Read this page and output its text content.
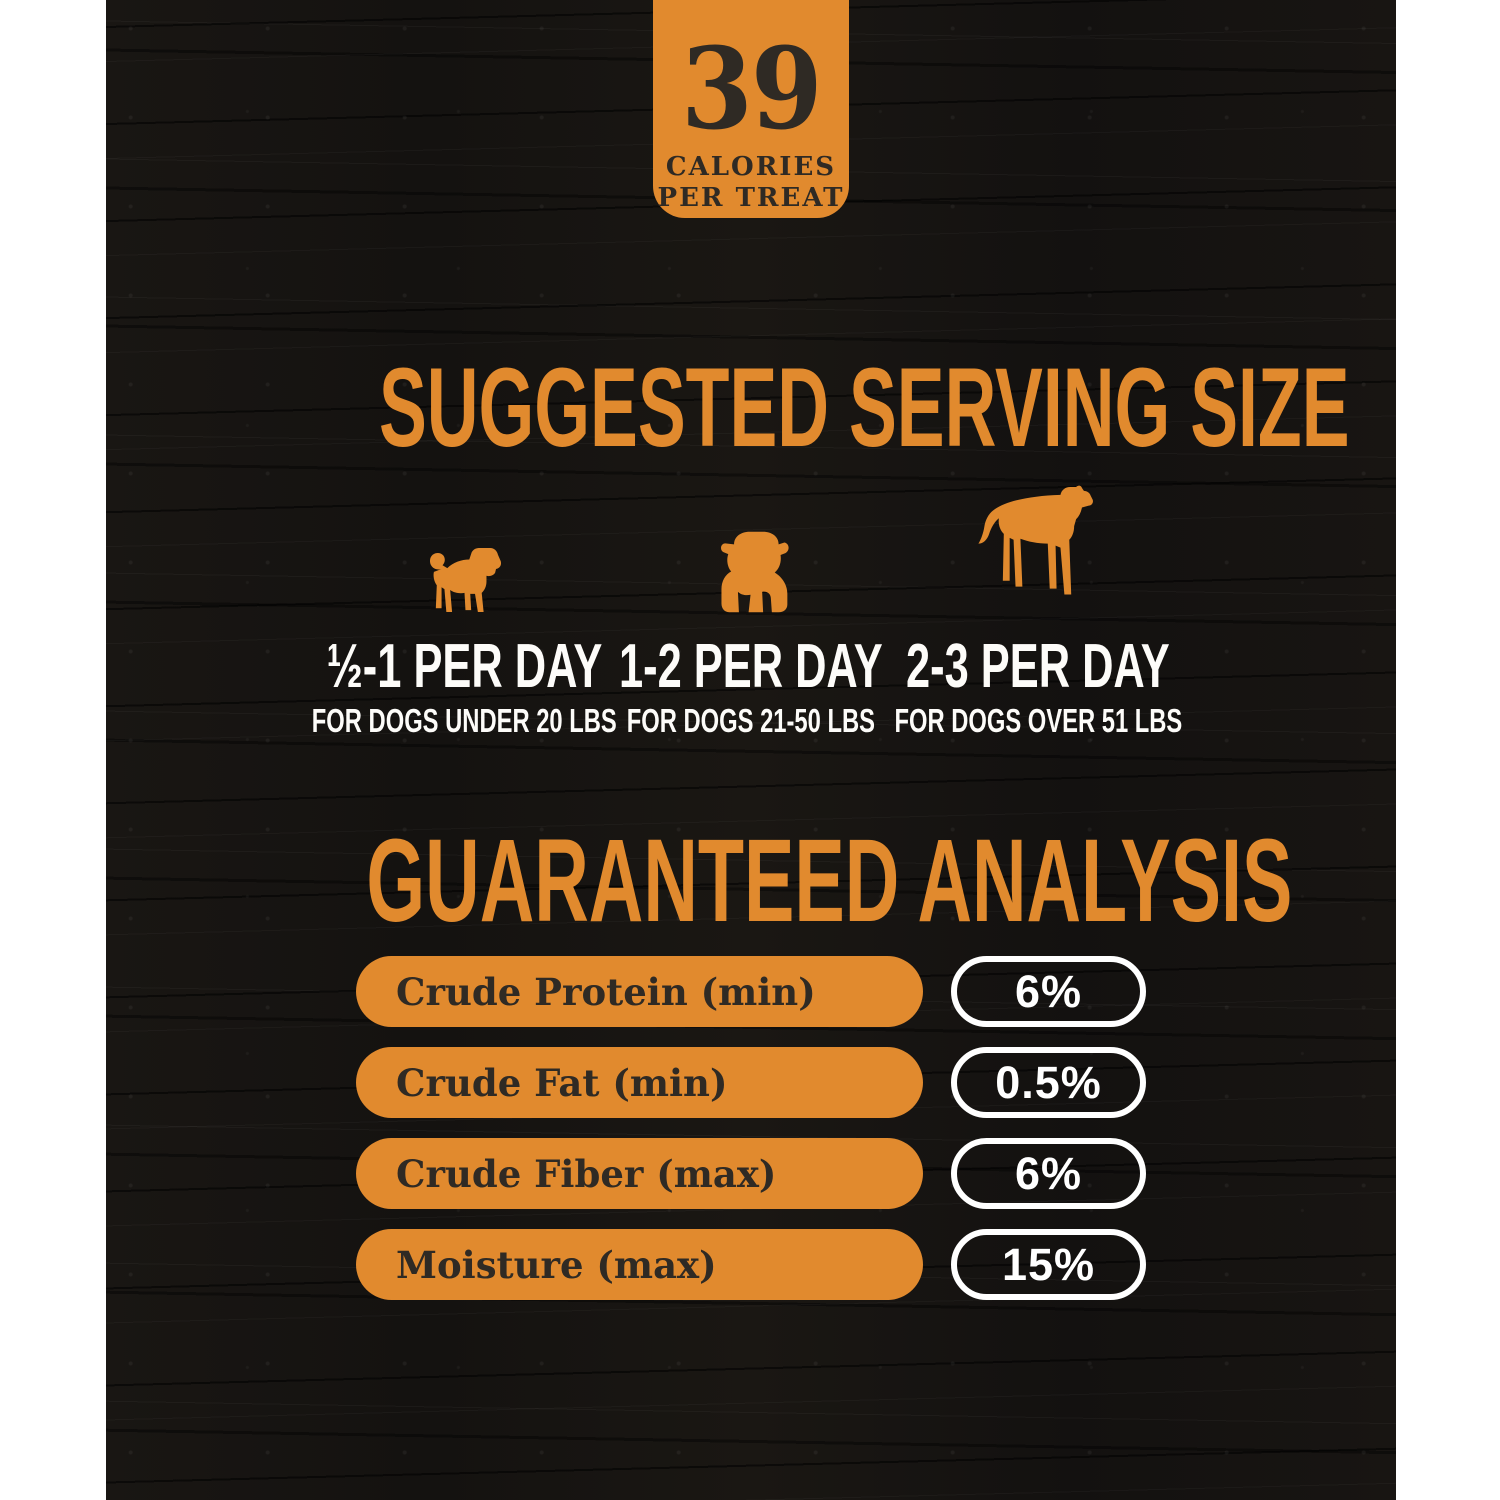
39
CALORIES
PER TREAT
SUGGESTED SERVING SIZE
½-1 PER DAY
FOR DOGS UNDER 20 LBS
1-2 PER DAY
FOR DOGS 21-50 LBS
2-3 PER DAY
FOR DOGS OVER 51 LBS
GUARANTEED ANALYSIS
Crude Protein (min)	6%
Crude Fat (min)	0.5%
Crude Fiber (max)	6%
Moisture (max)	15%
